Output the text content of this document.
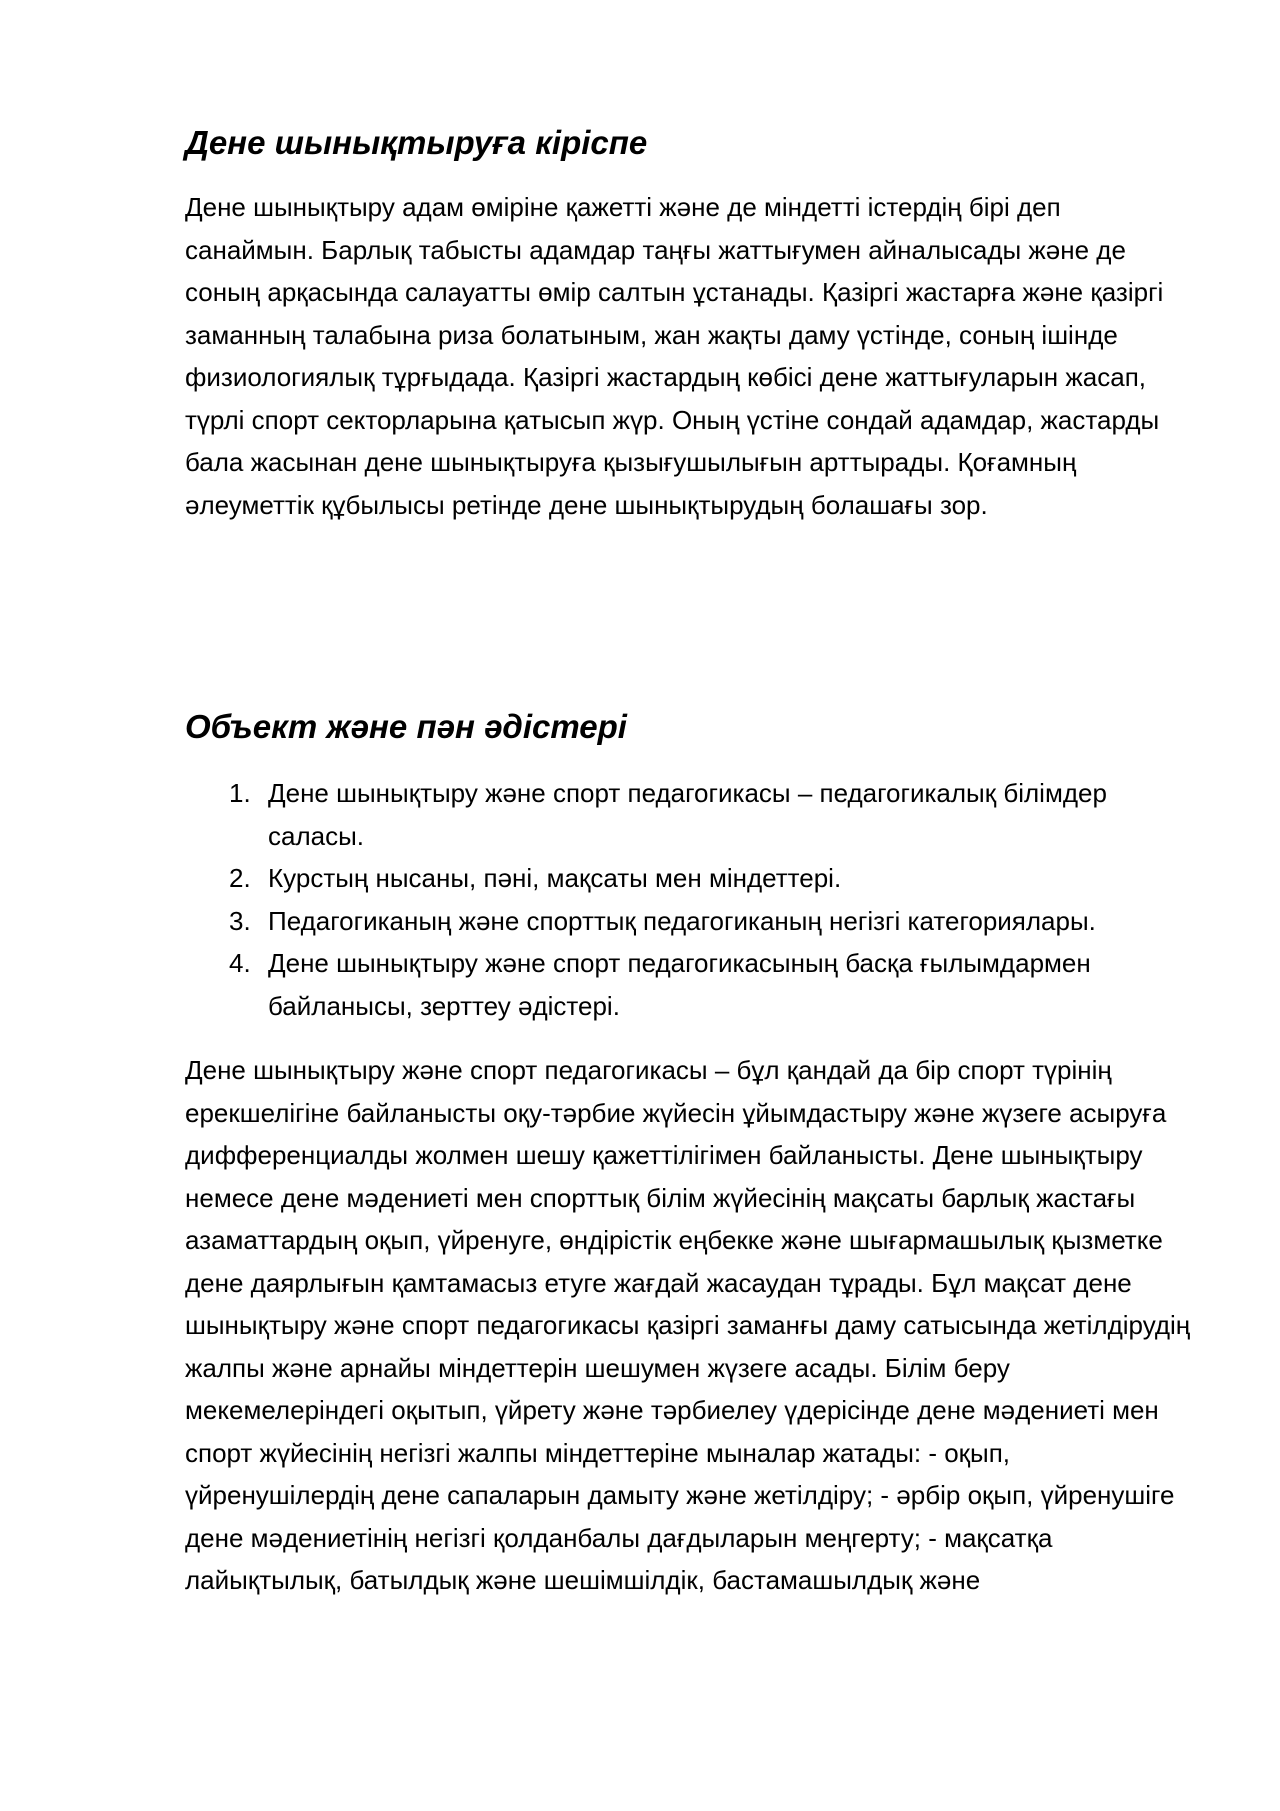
Дене шынықтыруға кіріспе

Дене шынықтыру адам өміріне қажетті және де міндетті істердің бірі деп санаймын. Барлық табысты адамдар таңғы жаттығумен айналысады және де соның арқасында салауатты өмір салтын ұстанады. Қазіргі жастарға және қазіргі заманның талабына риза болатыным, жан жақты даму үстінде, соның ішінде физиологиялық тұрғыдада. Қазіргі жастардың көбісі дене жаттығуларын жасап, түрлі спорт секторларына қатысып жүр. Оның үстіне сондай адамдар, жастарды бала жасынан дене шынықтыруға қызығушылығын арттырады. Қоғамның әлеуметтік құбылысы ретінде дене шынықтырудың болашағы зор.

Объект және пән әдістері
1. Дене шынықтыру және спорт педагогикасы – педагогикалық білімдер саласы.
2. Курстың нысаны, пәні, мақсаты мен міндеттері.
3. Педагогиканың және спорттық педагогиканың негізгі категориялары.
4. Дене шынықтыру және спорт педагогикасының басқа ғылымдармен байланысы, зерттеу әдістері.

Дене шынықтыру және спорт педагогикасы – бұл қандай да бір спорт түрінің ерекшелігіне байланысты оқу-тәрбие жүйесін ұйымдастыру және жүзеге асыруға дифференциалды жолмен шешу қажеттілігімен байланысты. Дене шынықтыру немесе дене мәдениеті мен спорттық білім жүйесінің мақсаты барлық жастағы азаматтардың оқып, үйренуге, өндірістік еңбекке және шығармашылық қызметке дене даярлығын қамтамасыз етуге жағдай жасаудан тұрады. Бұл мақсат дене шынықтыру және спорт педагогикасы қазіргі заманғы даму сатысында жетілдірудің жалпы және арнайы міндеттерін шешумен жүзеге асады. Білім беру мекемелеріндегі оқытып, үйрету және тәрбиелеу үдерісінде дене мәдениеті мен спорт жүйесінің негізгі жалпы міндеттеріне мыналар жатады: - оқып, үйренушілердің дене сапаларын дамыту және жетілдіру; - әрбір оқып, үйренушіге дене мәдениетінің негізгі қолданбалы дағдыларын меңгерту; - мақсатқа лайықтылық, батылдық және шешімшілдік, бастамашылдық және
